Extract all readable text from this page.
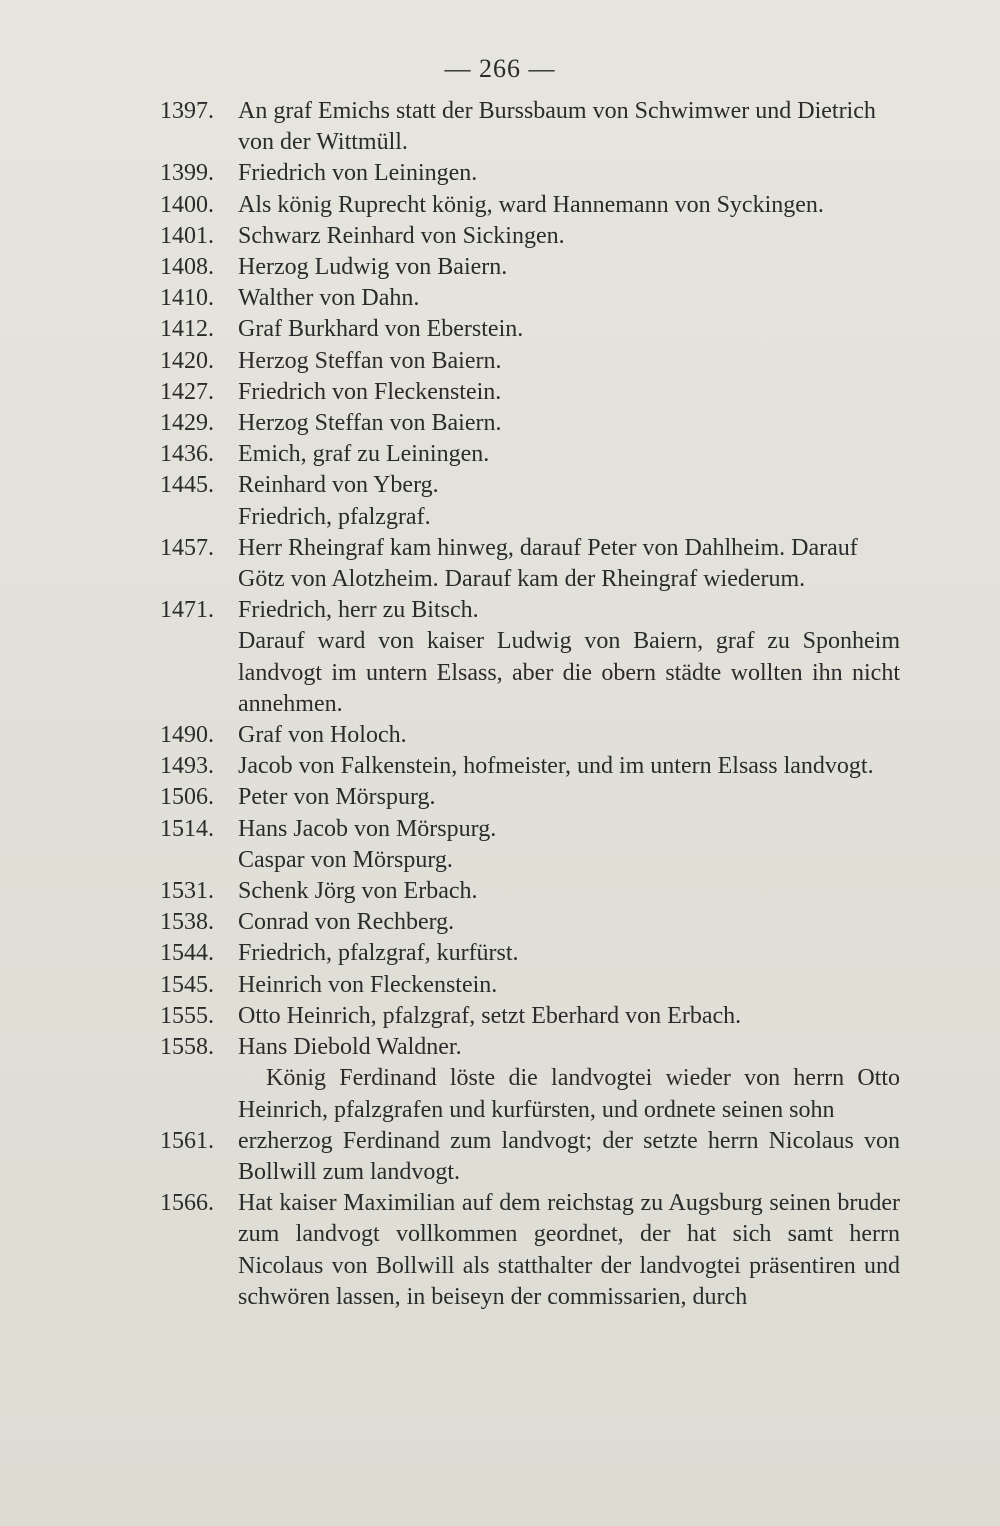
— 266 —
1397.	An graf Emichs statt der Burssbaum von Schwimwer und Dietrich von der Wittmüll.
1399.	Friedrich von Leiningen.
1400.	Als könig Ruprecht könig, ward Hannemann von Syckingen.
1401.	Schwarz Reinhard von Sickingen.
1408.	Herzog Ludwig von Baiern.
1410.	Walther von Dahn.
1412.	Graf Burkhard von Eberstein.
1420.	Herzog Steffan von Baiern.
1427.	Friedrich von Fleckenstein.
1429.	Herzog Steffan von Baiern.
1436.	Emich, graf zu Leiningen.
1445.	Reinhard von Yberg.
Friedrich, pfalzgraf.
1457.	Herr Rheingraf kam hinweg, darauf Peter von Dahlheim. Darauf Götz von Alotzheim. Darauf kam der Rheingraf wiederum.
1471.	Friedrich, herr zu Bitsch.
Darauf ward von kaiser Ludwig von Baiern, graf zu Sponheim landvogt im untern Elsass, aber die obern städte wollten ihn nicht annehmen.
1490.	Graf von Holoch.
1493.	Jacob von Falkenstein, hofmeister, und im untern Elsass landvogt.
1506.	Peter von Mörspurg.
1514.	Hans Jacob von Mörspurg.
Caspar von Mörspurg.
1531.	Schenk Jörg von Erbach.
1538.	Conrad von Rechberg.
1544.	Friedrich, pfalzgraf, kurfürst.
1545.	Heinrich von Fleckenstein.
1555.	Otto Heinrich, pfalzgraf, setzt Eberhard von Erbach.
1558.	Hans Diebold Waldner.

König Ferdinand löste die landvogtei wieder von herrn Otto Heinrich, pfalzgrafen und kurfürsten, und ordnete seinen sohn

1561.	erzherzog Ferdinand zum landvogt; der setzte herrn Nicolaus von Bollwill zum landvogt.
1566.	Hat kaiser Maximilian auf dem reichstag zu Augsburg seinen bruder zum landvogt vollkommen geordnet, der hat sich samt herrn Nicolaus von Bollwill als statthalter der landvogtei präsentiren und schwören lassen, in beiseyn der commissarien, durch
